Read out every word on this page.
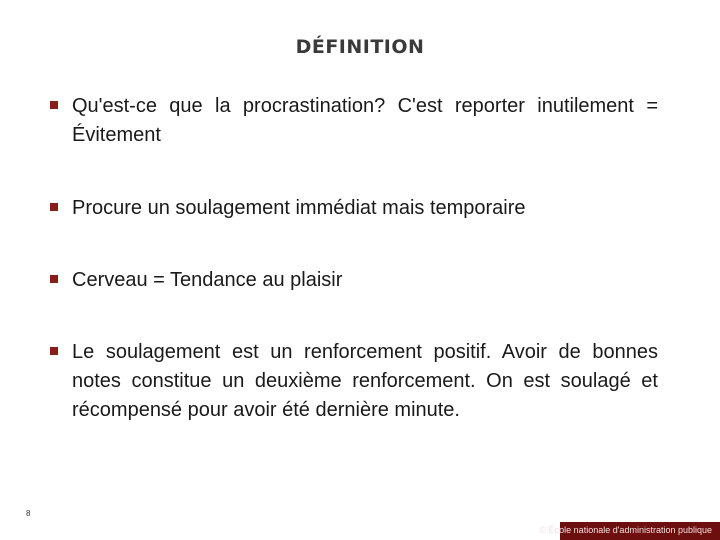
DÉFINITION
Qu'est-ce que la procrastination? C'est reporter inutilement = Évitement
Procure un soulagement immédiat mais temporaire
Cerveau = Tendance au plaisir
Le soulagement est un renforcement positif. Avoir de bonnes notes constitue un deuxième renforcement. On est soulagé et récompensé pour avoir été dernière minute.
8
© École nationale d'administration publique
